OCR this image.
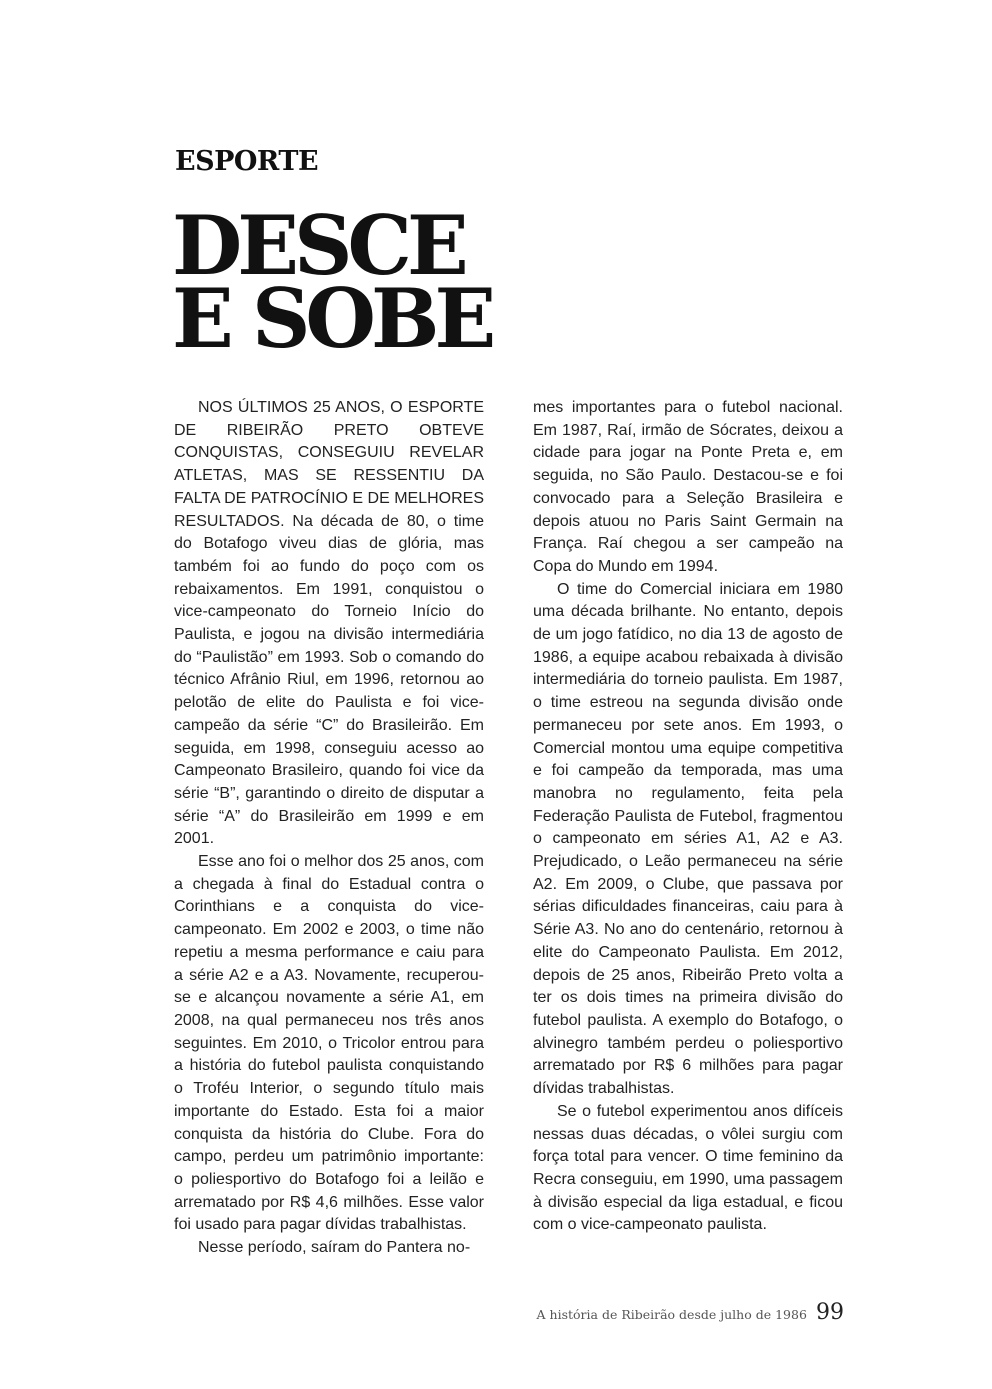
ESPORTE
DESCE
E SOBE

NOS ÚLTIMOS 25 ANOS, O ESPORTE DE RIBEIRÃO PRETO OBTEVE CONQUISTAS, CONSEGUIU REVELAR ATLETAS, MAS SE RESSENTIU DA FALTA DE PATROCÍNIO E DE MELHORES RESULTADOS. Na década de 80, o time do Botafogo viveu dias de glória, mas também foi ao fundo do poço com os rebaixamentos. Em 1991, conquistou o vice-campeonato do Torneio Início do Paulista, e jogou na divisão intermediária do “Paulistão” em 1993. Sob o comando do técnico Afrânio Riul, em 1996, retornou ao pelotão de elite do Paulista e foi vice-campeão da série “C” do Brasileirão. Em seguida, em 1998, conseguiu acesso ao Campeonato Brasileiro, quando foi vice da série “B”, garantindo o direito de disputar a série “A” do Brasileirão em 1999 e em 2001.

Esse ano foi o melhor dos 25 anos, com a chegada à final do Estadual contra o Corinthians e a conquista do vice-campeonato. Em 2002 e 2003, o time não repetiu a mesma performance e caiu para a série A2 e a A3. Novamente, recuperou-se e alcançou novamente a série A1, em 2008, na qual permaneceu nos três anos seguintes. Em 2010, o Tricolor entrou para a história do futebol paulista conquistando o Troféu Interior, o segundo título mais importante do Estado. Esta foi a maior conquista da história do Clube. Fora do campo, perdeu um patrimônio importante: o poliesportivo do Botafogo foi a leilão e arrematado por R$ 4,6 milhões. Esse valor foi usado para pagar dívidas trabalhistas.

Nesse período, saíram do Pantera no-

mes importantes para o futebol nacional. Em 1987, Raí, irmão de Sócrates, deixou a cidade para jogar na Ponte Preta e, em seguida, no São Paulo. Destacou-se e foi convocado para a Seleção Brasileira e depois atuou no Paris Saint Germain na França. Raí chegou a ser campeão na Copa do Mundo em 1994.

O time do Comercial iniciara em 1980 uma década brilhante. No entanto, depois de um jogo fatídico, no dia 13 de agosto de 1986, a equipe acabou rebaixada à divisão intermediária do torneio paulista. Em 1987, o time estreou na segunda divisão onde permaneceu por sete anos. Em 1993, o Comercial montou uma equipe competitiva e foi campeão da temporada, mas uma manobra no regulamento, feita pela Federação Paulista de Futebol, fragmentou o campeonato em séries A1, A2 e A3. Prejudicado, o Leão permaneceu na série A2. Em 2009, o Clube, que passava por sérias dificuldades financeiras, caiu para à Série A3. No ano do centenário, retornou à elite do Campeonato Paulista. Em 2012, depois de 25 anos, Ribeirão Preto volta a ter os dois times na primeira divisão do futebol paulista. A exemplo do Botafogo, o alvinegro também perdeu o poliesportivo arrematado por R$ 6 milhões para pagar dívidas trabalhistas.

Se o futebol experimentou anos difíceis nessas duas décadas, o vôlei surgiu com força total para vencer. O time feminino da Recra conseguiu, em 1990, uma passagem à divisão especial da liga estadual, e ficou com o vice-campeonato paulista.

A história de Ribeirão desde julho de 1986 99
